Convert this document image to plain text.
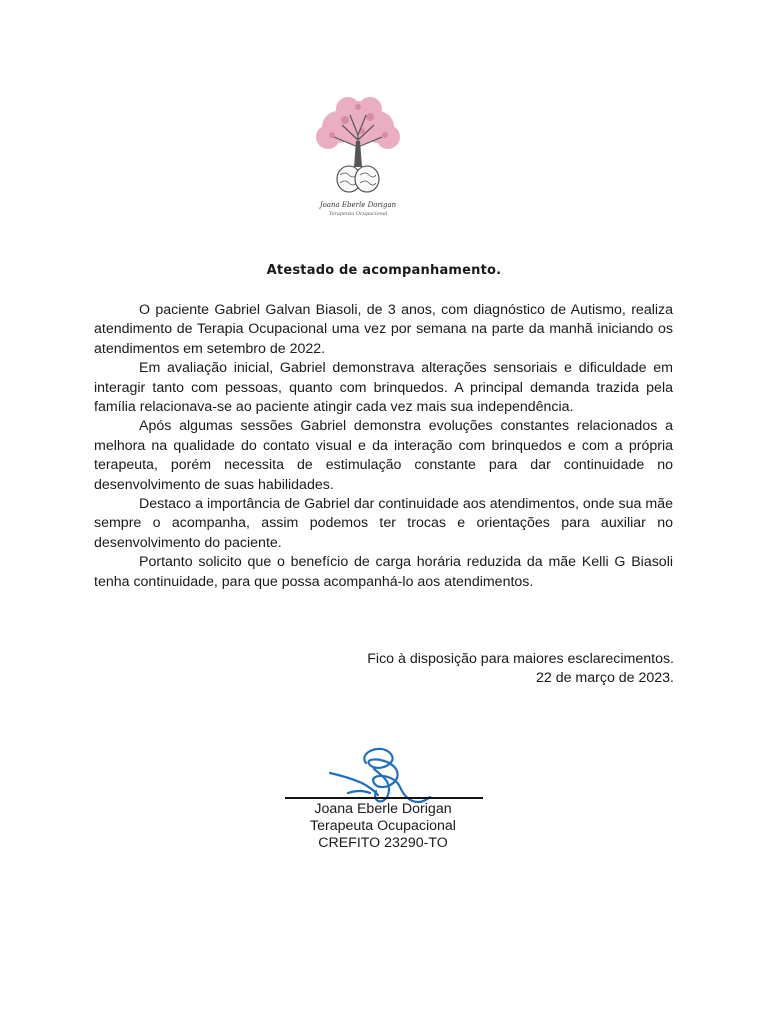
Joana Eberle Dorigan
Terapeuta Ocupacional
Atestado de acompanhamento.

O paciente Gabriel Galvan Biasoli, de 3 anos, com diagnóstico de Autismo, realiza atendimento de Terapia Ocupacional uma vez por semana na parte da manhã iniciando os atendimentos em setembro de 2022.

Em avaliação inicial, Gabriel demonstrava alterações sensoriais e dificuldade em interagir tanto com pessoas, quanto com brinquedos. A principal demanda trazida pela família relacionava-se ao paciente atingir cada vez mais sua independência.

Após algumas sessões Gabriel demonstra evoluções constantes relacionados a melhora na qualidade do contato visual e da interação com brinquedos e com a própria terapeuta, porém necessita de estimulação constante para dar continuidade no desenvolvimento de suas habilidades.

Destaco a importância de Gabriel dar continuidade aos atendimentos, onde sua mãe sempre o acompanha, assim podemos ter trocas e orientações para auxiliar no desenvolvimento do paciente.

Portanto solicito que o benefício de carga horária reduzida da mãe Kelli G Biasoli tenha continuidade, para que possa acompanhá-lo aos atendimentos.

Fico à disposição para maiores esclarecimentos.
22 de março de 2023.
Joana Eberle Dorigan
Terapeuta Ocupacional
CREFITO 23290-TO
